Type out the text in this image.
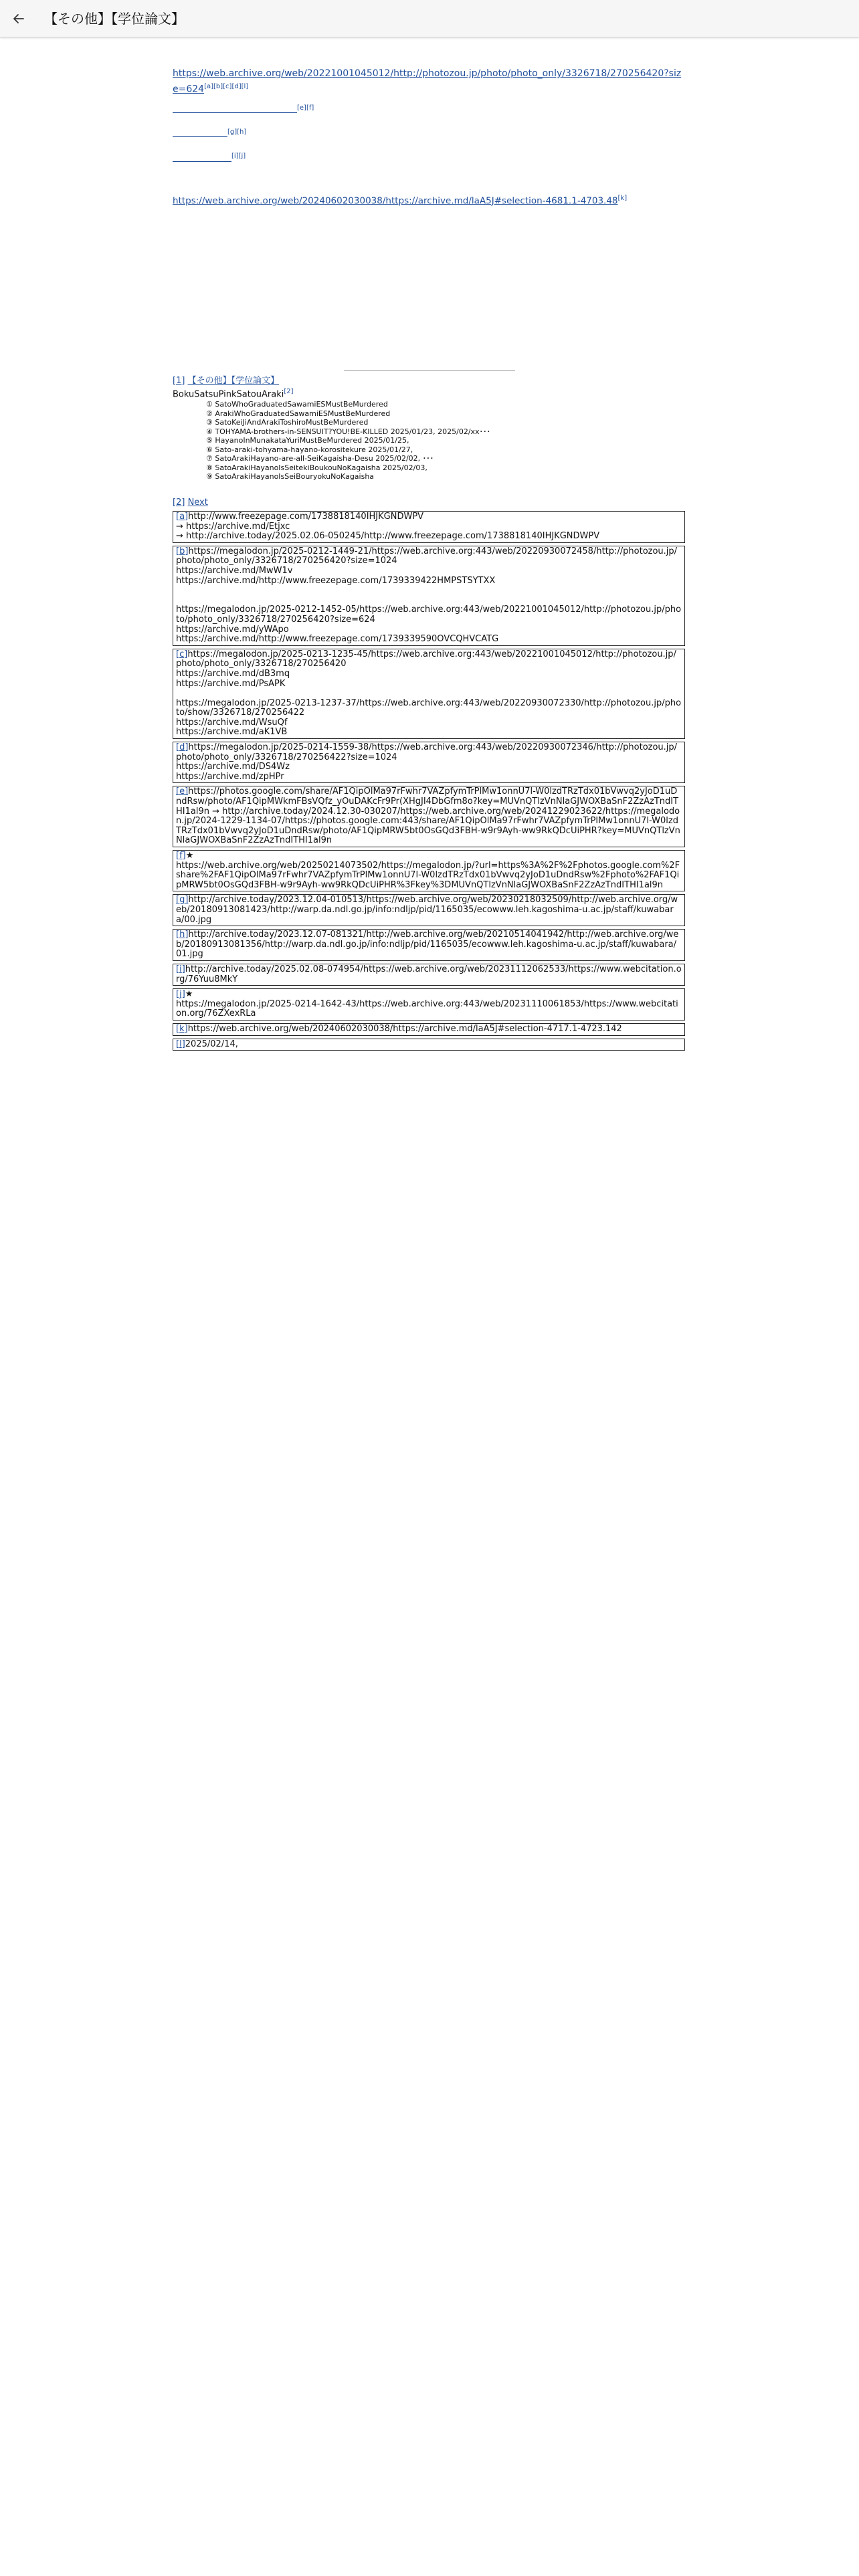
【その他】【学位論文】
https://web.archive.org/web/20221001045012/http://photozou.jp/photo/photo_only/3326718/270256420?size=624[a][b][c][d][l]
[e][f]
[g][h]
[i][j]
https://web.archive.org/web/20240602030038/https://archive.md/laA5J#selection-4681.1-4703.48[k]
[1] 【その他】【学位論文】
BokuSatsuPinkSatouAraki[2]
① SatoWhoGraduatedSawamiESMustBeMurdered
② ArakiWhoGraduatedSawamiESMustBeMurdered
③ SatoKeiJiAndArakiToshiroMustBeMurdered
④ TOHYAMA-brothers-in-SENSUIT?YOU!BE-KILLED 2025/01/23, 2025/02/xx･･･
⑤ HayanoInMunakataYuriMustBeMurdered 2025/01/25,
⑥ Sato-araki-tohyama-hayano-korositekure 2025/01/27,
⑦ SatoArakiHayano-are-all-SeiKagaisha-Desu 2025/02/02, ･･･
⑧ SatoArakiHayanoIsSeitekiBoukouNoKagaisha 2025/02/03,
⑨ SatoArakiHayanoIsSeiBouryokuNoKagaisha
[2] Next
[ a ] http://www.freezepage.com/1738818140IHJKGNDWPV
→ https://archive.md/Etjxc
→ http://archive.today/2025.02.06-050245/http://www.freezepage.com/1738818140IHJKGNDWPV
[ b ] https://megalodon.jp/2025-0212-1449-21/https://web.archive.org:443/web/20220930072458/http://photozou.jp/photo/photo_only/3326718/270256420?size=1024
https://archive.md/MwW1v
https://archive.md/http://www.freezepage.com/1739339422HMPSTSYTXX

https://megalodon.jp/2025-0212-1452-05/https://web.archive.org:443/web/20221001045012/http://photozou.jp/photo/photo_only/3326718/270256420?size=624
https://archive.md/yWApo
https://archive.md/http://www.freezepage.com/1739339590OVCQHVCATG
[ c ] https://megalodon.jp/2025-0213-1235-45/https://web.archive.org:443/web/20221001045012/http://photozou.jp/photo/photo_only/3326718/270256420
https://archive.md/dB3mq
https://archive.md/PsAPK

https://megalodon.jp/2025-0213-1237-37/https://web.archive.org:443/web/20220930072330/http://photozou.jp/photo/show/3326718/270256422
https://archive.md/WsuQf
https://archive.md/aK1VB
[ d ] https://megalodon.jp/2025-0214-1559-38/https://web.archive.org:443/web/20220930072346/http://photozou.jp/photo/photo_only/3326718/270256422?size=1024
https://archive.md/DS4Wz
https://archive.md/zpHPr
[ e ] https://photos.google.com/share/AF1QipOlMa97rFwhr7VAZpfymTrPlMw1onnU7l-W0lzdTRzTdx01bVwvq2yJoD1uDndRsw/photo/AF1QipMWkmFBsVQfz_yOuDAKcFr9Pr(XHgJI4DbGfm8o?key=MUVnQTlzVnNlaGJWOXBaSnF2ZzAzTndIТHI1al9n → http://archive.today/2024.12.30-030207/https://web.archive.org/web/20241229023622/https://megalodon.jp/2024-1229-1134-07/https://photos.google.com:443/share/AF1QipOlMa97rFwhr7VAZpfymTrPlMw1onnU7l-W0lzdTRzTdx01bVwvq2yJoD1uDndRsw/photo/AF1QipMRW5bt0OsGQd3FBH-w9r9Ayh-ww9RkQDcUiPHR?key=MUVnQTlzVnNlaGJWOXBaSnF2ZzAzTndIТHI1al9n
[ f ] ★
https://web.archive.org/web/20250214073502/https://megalodon.jp/?url=https%3A%2F%2Fphotos.google.com%2Fshare%2FAF1QipOlMa97rFwhr7VAZpfymTrPlMw1onnU7l-W0lzdTRzTdx01bVwvq2yJoD1uDndRsw%2Fphoto%2FAF1QipMRW5bt0OsGQd3FBH-w9r9Ayh-ww9RkQDcUiPHR%3Fkey%3DMUVnQTlzVnNlaGJWOXBaSnF2ZzAzTndIТHI1al9n
[ g ] http://archive.today/2023.12.04-010513/https://web.archive.org/web/20230218032509/http://web.archive.org/web/20180913081423/http://warp.da.ndl.go.jp/info:ndljp/pid/1165035/ecowww.leh.kagoshima-u.ac.jp/staff/kuwabara/00.jpg
[ h ] http://archive.today/2023.12.07-081321/http://web.archive.org/web/20210514041942/http://web.archive.org/web/20180913081356/http://warp.da.ndl.go.jp/info:ndljp/pid/1165035/ecowww.leh.kagoshima-u.ac.jp/staff/kuwabara/01.jpg
[ i ] http://archive.today/2025.02.08-074954/https://web.archive.org/web/20231112062533/https://www.webcitation.org/76Yuu8MkY
[ j ] ★
https://megalodon.jp/2025-0214-1642-43/https://web.archive.org:443/web/20231110061853/https://www.webcitation.org/76ZXexRLa
[ k ] https://web.archive.org/web/20240602030038/https://archive.md/laA5J#selection-4717.1-4723.142
[ l ] 2025/02/14,
